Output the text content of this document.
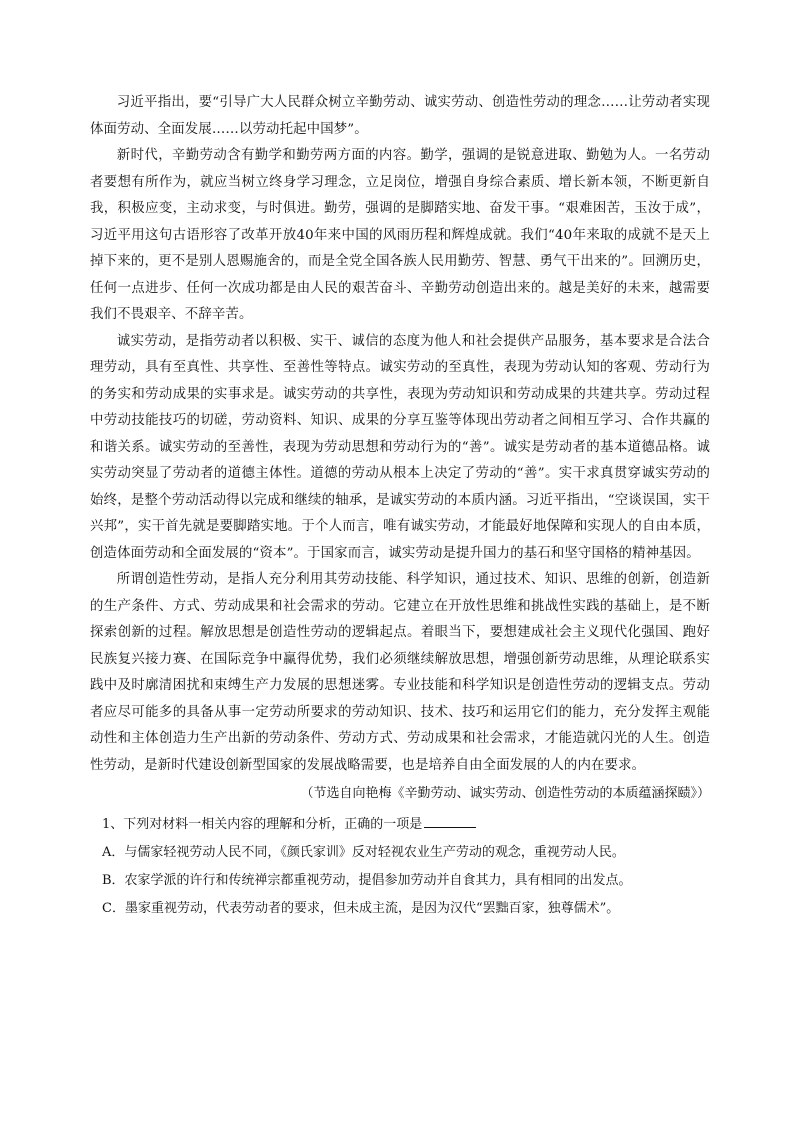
习近平指出，要“引导广大人民群众树立辛勤劳动、诚实劳动、创造性劳动的理念……让劳动者实现体面劳动、全面发展……以劳动托起中国梦”。

新时代，辛勤劳动含有勤学和勤劳两方面的内容。勤学，强调的是锐意进取、勤勉为人。一名劳动者要想有所作为，就应当树立终身学习理念，立足岗位，增强自身综合素质、增长新本领，不断更新自我，积极应变，主动求变，与时俱进。勤劳，强调的是脚踏实地、奋发干事。“艰难困苦，玉汝于成”，习近平用这句古语形容了改革开放40年来中国的风雨历程和辉煌成就。我们“40年来取的成就不是天上掉下来的，更不是别人恩赐施舍的，而是全党全国各族人民用勤劳、智慧、勇气干出来的”。回溯历史，任何一点进步、任何一次成功都是由人民的艰苦奋斗、辛勤劳动创造出来的。越是美好的未来，越需要我们不畏艰辛、不辞辛苦。

诚实劳动，是指劳动者以积极、实干、诚信的态度为他人和社会提供产品服务，基本要求是合法合理劳动，具有至真性、共享性、至善性等特点。诚实劳动的至真性，表现为劳动认知的客观、劳动行为的务实和劳动成果的实事求是。诚实劳动的共享性，表现为劳动知识和劳动成果的共建共享。劳动过程中劳动技能技巧的切磋，劳动资料、知识、成果的分享互鉴等体现出劳动者之间相互学习、合作共赢的和谐关系。诚实劳动的至善性，表现为劳动思想和劳动行为的“善”。诚实是劳动者的基本道德品格。诚实劳动突显了劳动者的道德主体性。道德的劳动从根本上决定了劳动的“善”。实干求真贯穿诚实劳动的始终，是整个劳动活动得以完成和继续的轴承，是诚实劳动的本质内涵。习近平指出，“空谈误国，实干兴邦”，实干首先就是要脚踏实地。于个人而言，唯有诚实劳动，才能最好地保障和实现人的自由本质，创造体面劳动和全面发展的“资本”。于国家而言，诚实劳动是提升国力的基石和坚守国格的精神基因。

所谓创造性劳动，是指人充分利用其劳动技能、科学知识，通过技术、知识、思维的创新，创造新的生产条件、方式、劳动成果和社会需求的劳动。它建立在开放性思维和挑战性实践的基础上，是不断探索创新的过程。解放思想是创造性劳动的逻辑起点。着眼当下，要想建成社会主义现代化强国、跑好民族复兴接力赛、在国际竞争中赢得优势，我们必须继续解放思想，增强创新劳动思维，从理论联系实践中及时廓清困扰和束缚生产力发展的思想迷雾。专业技能和科学知识是创造性劳动的逻辑支点。劳动者应尽可能多的具备从事一定劳动所要求的劳动知识、技术、技巧和运用它们的能力，充分发挥主观能动性和主体创造力生产出新的劳动条件、劳动方式、劳动成果和社会需求，才能造就闪光的人生。创造性劳动，是新时代建设创新型国家的发展战略需要，也是培养自由全面发展的人的内在要求。

（节选自向艳梅《辛勤劳动、诚实劳动、创造性劳动的本质蕴涵探赜》）

1、下列对材料一相关内容的理解和分析，正确的一项是

A．与儒家轻视劳动人民不同，《颜氏家训》反对轻视农业生产劳动的观念，重视劳动人民。

B．农家学派的许行和传统禅宗都重视劳动，提倡参加劳动并自食其力，具有相同的出发点。

C．墨家重视劳动，代表劳动者的要求，但未成主流，是因为汉代“罢黜百家，独尊儒术”。
